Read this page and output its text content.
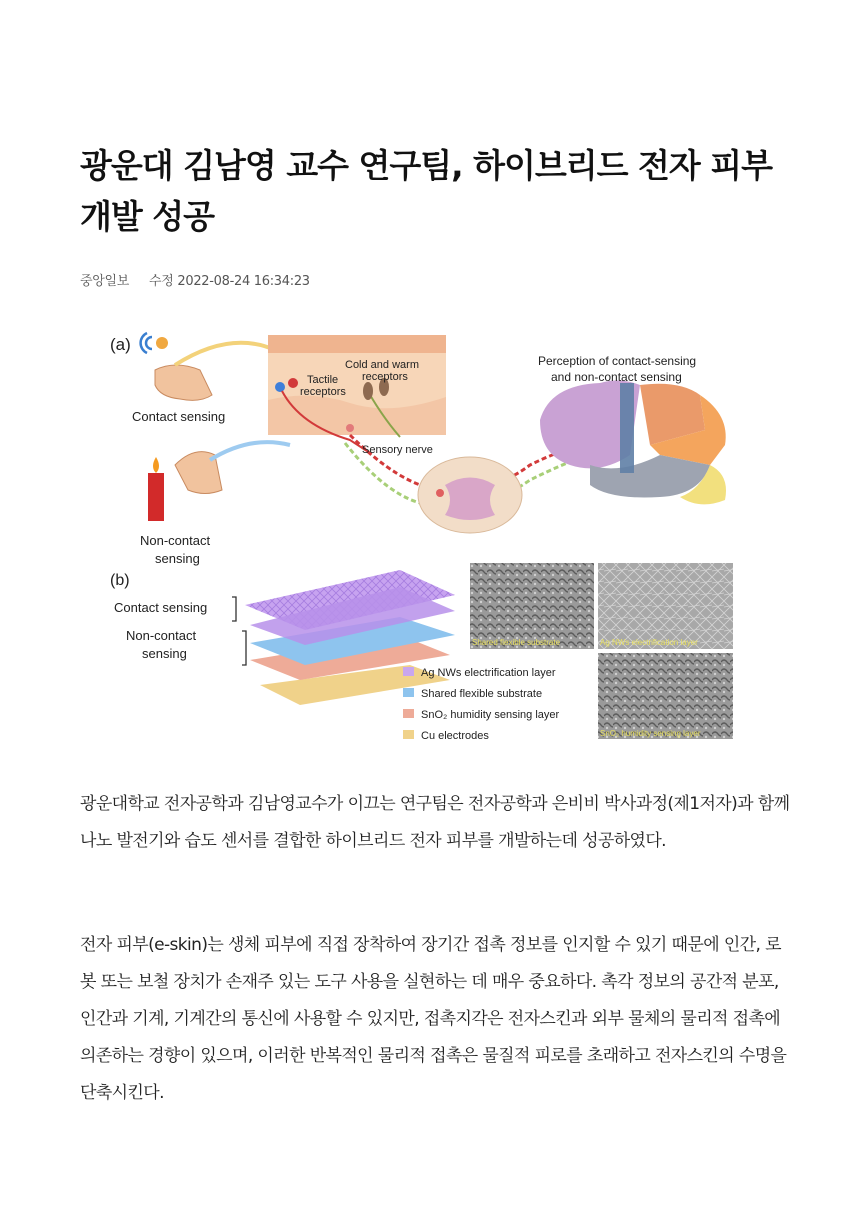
광운대 김남영 교수 연구팀, 하이브리드 전자 피부 개발 성공
중앙일보 수정 2022-08-24 16:34:23
(a)
Contact sensing
Non-contact
sensing
Tactile
receptors
Cold and warm
receptors
Sensory nerve
Perception of contact-sensing
and non-contact sensing
(b)
Contact sensing
Non-contact
sensing
Ag NWs electrification layer
Shared flexible substrate
SnO₂ humidity sensing layer
Cu electrodes
Shared flexible substrate	Ag NWs electrification layer
SnO₂ humidity sensing layer

광운대학교 전자공학과 김남영교수가 이끄는 연구팀은 전자공학과 은비비 박사과정(제1저자)과 함께 나노 발전기와 습도 센서를 결합한 하이브리드 전자 피부를 개발하는데 성공하였다.

전자 피부(e-skin)는 생체 피부에 직접 장착하여 장기간 접촉 정보를 인지할 수 있기 때문에 인간, 로봇 또는 보철 장치가 손재주 있는 도구 사용을 실현하는 데 매우 중요하다. 촉각 정보의 공간적 분포, 인간과 기계, 기계간의 통신에 사용할 수 있지만, 접촉지각은 전자스킨과 외부 물체의 물리적 접촉에 의존하는 경향이 있으며, 이러한 반복적인 물리적 접촉은 물질적 피로를 초래하고 전자스킨의 수명을 단축시킨다.
